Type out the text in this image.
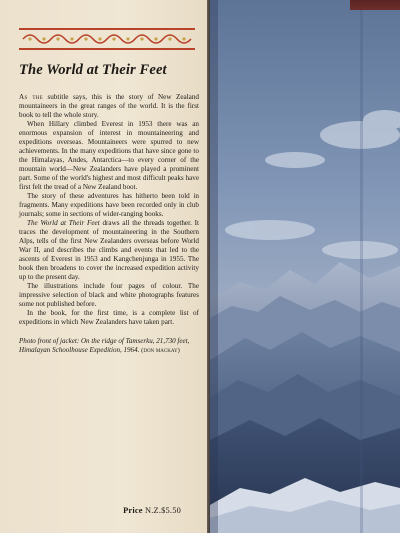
The World at Their Feet

As the subtitle says, this is the story of New Zealand mountaineers in the great ranges of the world. It is the first book to tell the whole story.

When Hillary climbed Everest in 1953 there was an enormous expansion of interest in mountaineering and expeditions overseas. Mountaineers were spurred to new achievements. In the many expeditions that have since gone to the Himalayas, Andes, Antarctica—to every corner of the mountain world—New Zealanders have played a prominent part. Some of the world's highest and most difficult peaks have first felt the tread of a New Zealand boot.

The story of these adventures has hitherto been told in fragments. Many expeditions have been recorded only in club journals; some in sections of wider-ranging books.

The World at Their Feet draws all the threads together. It traces the development of mountaineering in the Southern Alps, tells of the first New Zealanders overseas before World War II, and describes the climbs and events that led to the ascents of Everest in 1953 and Kangchenjunga in 1955. The book then broadens to cover the increased expedition activity up to the present day.

The illustrations include four pages of colour. The impressive selection of black and white photographs features some not published before.

In the book, for the first time, is a complete list of expeditions in which New Zealanders have taken part.

Photo front of jacket: On the ridge of Tamserku, 21,730 feet, Himalayan Schoolhouse Expedition, 1964. (don mackay)
Price N.Z.$5.50
